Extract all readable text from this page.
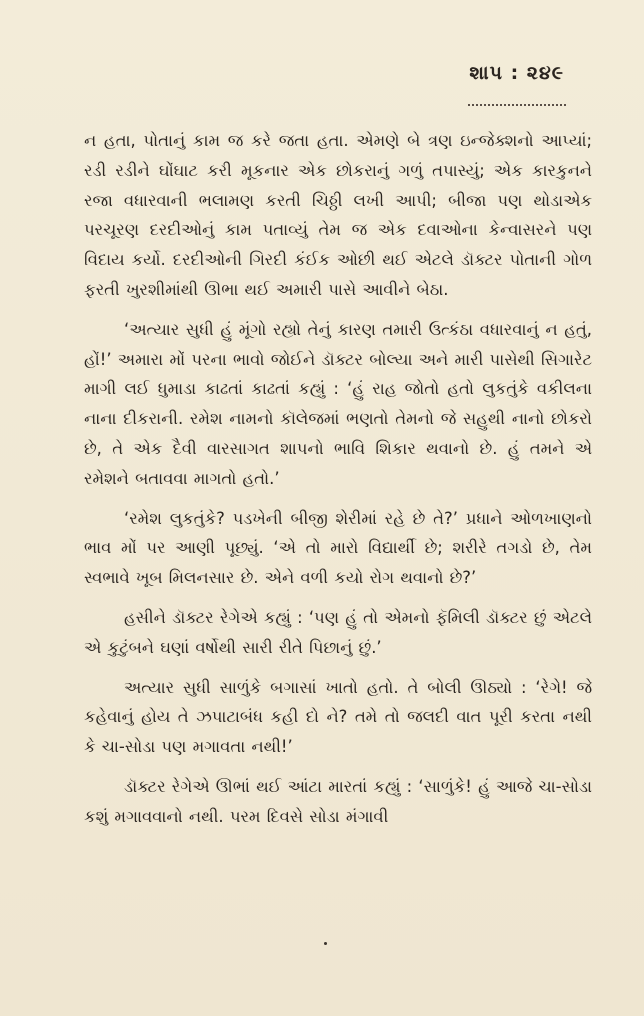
શાપ : ૨૪૯

ન હતા, પોતાનું કામ જ કરે જતા હતા. એમણે બે ત્રણ ઇન્જેક્શનો આપ્યાં; રડી રડીને ઘોંઘાટ કરી મૂકનાર એક છોકરાનું ગળું તપાસ્યું; એક કારકુનને રજા વધારવાની ભલામણ કરતી ચિઠ્ઠી લખી આપી; બીજા પણ થોડાએક પરચૂરણ દરદીઓનું કામ પતાવ્યું તેમ જ એક દવાઓના કેન્વાસરને પણ વિદાય કર્યો. દરદીઓની ગિરદી કંઈક ઓછી થઈ એટલે ડૉક્ટર પોતાની ગોળ ફરતી ખુરશીમાંથી ઊભા થઈ અમારી પાસે આવીને બેઠા.

‘અત્યાર સુધી હું મૂંગો રહ્યો તેનું કારણ તમારી ઉત્કંઠા વધારવાનું ન હતું, હોં!’ અમારા મોં પરના ભાવો જોઈને ડૉક્ટર બોલ્યા અને મારી પાસેથી સિગારેટ માગી લઈ ધુમાડા કાઢતાં કાઢતાં કહ્યું : ‘હું રાહ જોતો હતો લુકતુંકે વકીલના નાના દીકરાની. રમેશ નામનો કૉલેજમાં ભણતો તેમનો જે સહુથી નાનો છોકરો છે, તે એક દૈવી વારસાગત શાપનો ભાવિ શિકાર થવાનો છે. હું તમને એ રમેશને બતાવવા માગતો હતો.’

‘રમેશ લુકતુંકે? પડખેની બીજી શેરીમાં રહે છે તે?’ પ્રધાને ઓળખાણનો ભાવ મોં પર આણી પૂછ્યું. ‘એ તો મારો વિદ્યાર્થી છે; શરીરે તગડો છે, તેમ સ્વભાવે ખૂબ મિલનસાર છે. એને વળી કયો રોગ થવાનો છે?’

હસીને ડૉક્ટર રેગેએ કહ્યું : ‘પણ હું તો એમનો ફૅમિલી ડૉક્ટર છું એટલે એ કુટુંબને ઘણાં વર્ષોથી સારી રીતે પિછાનું છું.’

અત્યાર સુધી સાળુંકે બગાસાં ખાતો હતો. તે બોલી ઊઠ્યો : ‘રેગે! જે કહેવાનું હોય તે ઝપાટાબંધ કહી દો ને? તમે તો જલદી વાત પૂરી કરતા નથી કે ચા-સોડા પણ મગાવતા નથી!’

ડૉક્ટર રેગેએ ઊભાં થઈ આંટા મારતાં કહ્યું : ‘સાળુંકે! હું આજે ચા-સોડા કશું મગાવવાનો નથી. પરમ દિવસે સોડા મંગાવી
